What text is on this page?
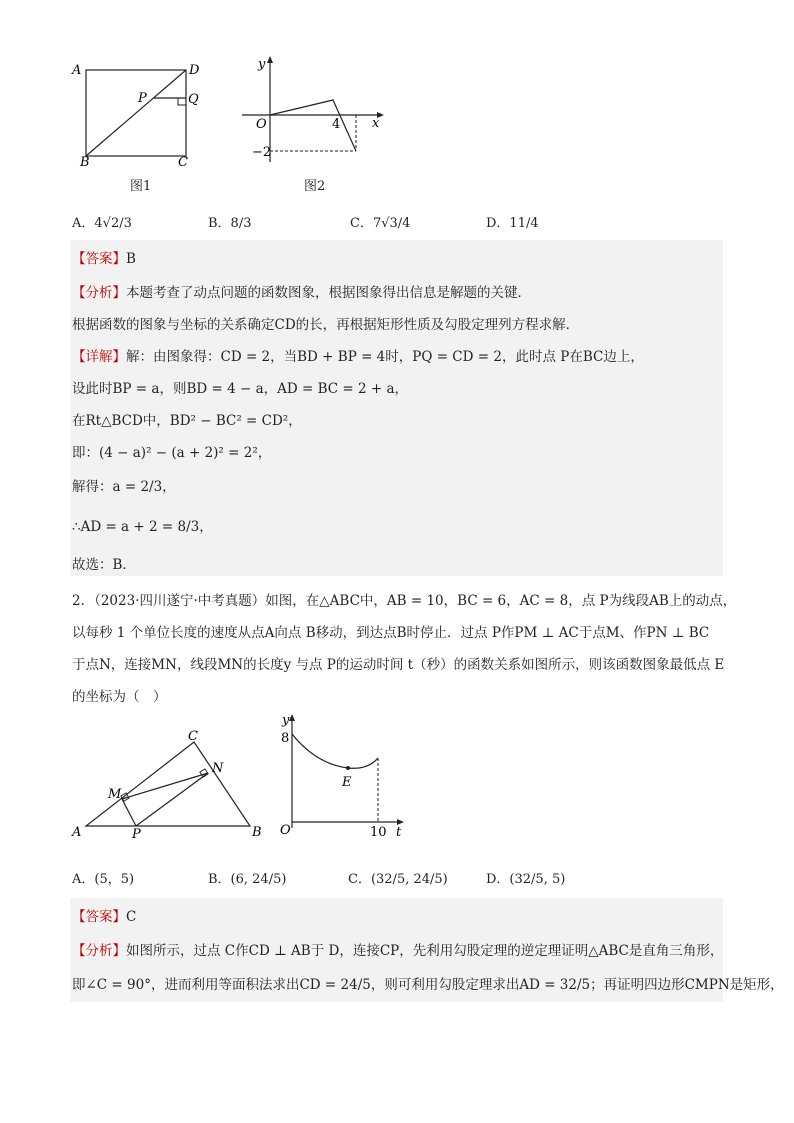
A	D
P	Q
B	C
图1
y
x
O	4
−2
图2
A．4√2/3	B．8/3	C．7√3/4	D．11/4
【答案】B
【分析】本题考查了动点问题的函数图象，根据图象得出信息是解题的关键．
根据函数的图象与坐标的关系确定CD的长，再根据矩形性质及勾股定理列方程求解．
【详解】解：由图象得：CD = 2，当BD + BP = 4时，PQ = CD = 2，此时点 P在BC边上，
设此时BP = a，则BD = 4 − a，AD = BC = 2 + a，
在Rt△BCD中，BD² − BC² = CD²，
即：(4 − a)² − (a + 2)² = 2²，
解得：a = 2/3，
∴AD = a + 2 = 8/3，
故选：B．
2．（2023·四川遂宁·中考真题）如图，在△ABC中，AB = 10，BC = 6，AC = 8，点 P为线段AB上的动点，
以每秒 1 个单位长度的速度从点A向点 B移动，到达点B时停止．过点 P作PM ⊥ AC于点M、作PN ⊥ BC
于点N，连接MN，线段MN的长度y 与点 P的运动时间 t（秒）的函数关系如图所示，则该函数图象最低点 E
的坐标为（　）
A	B
C
M
N
P
y
8
O
E
10 t
A．(5，5)	B．(6, 24/5)	C．(32/5, 24/5)	D．(32/5, 5)
【答案】C
【分析】如图所示，过点 C作CD ⊥ AB于 D，连接CP，先利用勾股定理的逆定理证明△ABC是直角三角形，
即∠C = 90°，进而利用等面积法求出CD = 24/5，则可利用勾股定理求出AD = 32/5；再证明四边形CMPN是矩形，
